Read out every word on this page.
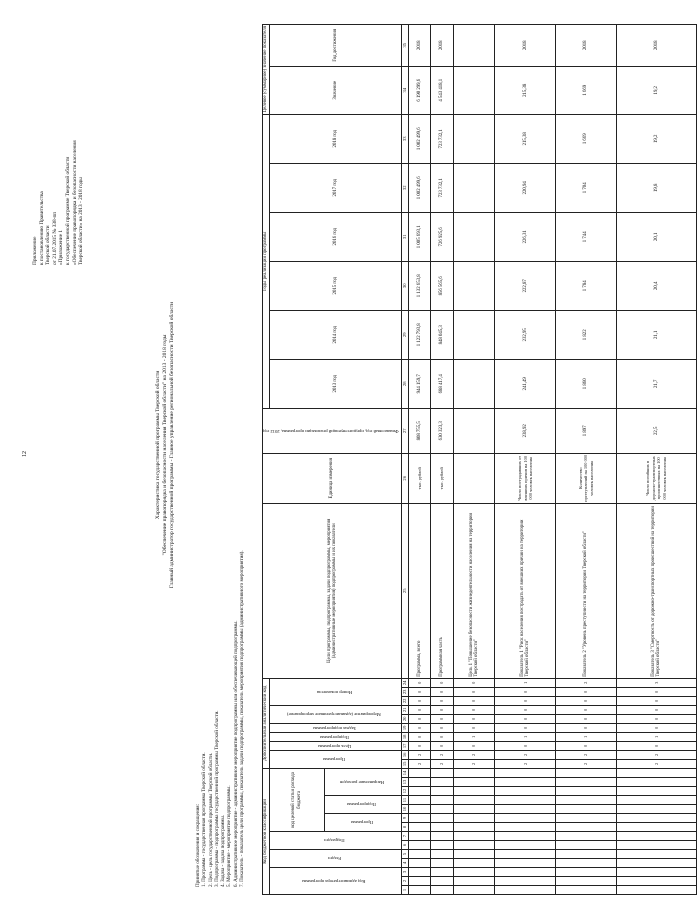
12
Приложение к постановлению Правительства Тверской области от 21.07.2015 № 338-пп «Приложение 1 к государственной программе Тверской области «Обеспечение правопорядка и безопасности населения Тверской области» на 2013 - 2018 годы
Характеристика государственной программы Тверской области "Обеспечение правопорядка и безопасности населения Тверской области" на 2013 - 2018 годы Главный администратор государственной программы - Главное управление региональной безопасности Тверской области
Принятые обозначения и сокращения: 1. Программа - государственная программа Тверской области. 2. Цель - цель государственной программы Тверской области. 3. Подпрограмма - подпрограмма государственной программы Тверской области. 4. Задача - задача подпрограммы. 5. Мероприятие - мероприятие подпрограммы. 6. Административное мероприятие - административное мероприятие подпрограммы или обеспечивающей подпрограммы. 7. Показатель - показатель цели программы, показатель задачи подпрограммы, показатель мероприятия подпрограммы (административного мероприятия).	Код бюджетной классификации														Дополнительный аналитический код										Цели программы, подпрограммы, задачи подпрограммы, мероприятия (административные мероприятия) подпрограммы и их показатели	Единица измерения	Финансовый год, предшествующий реализации программы, 2012 год	Годы реализации программы						Целевое (суммарное) значение показателя	
Код администратора программы			Раздел		Подраздел		код целевой статьи расхода бюджета							Программа		Цель программы	Подпрограмма	Задача подпрограммы	Мероприятие (административное мероприятие)		Номер показателя						2013 год	2014 год	2015 год	2016 год	2017 год	2018 год	Значение	Год достижения
							Программа		Подпрограмма		Направление расходов																							
1	2	3	4	5	6	7	8	9	10	11	12	13	14	15	16	17	18	19	20	21	22	23	24	25	26	27	28	29	30	31	32	33	34	35
														2	2	0	0	0	0	0	0	0	0	Программа, всего	тыс. рублей	808 755,5	944 159,7	1 122 793,8	1 132 653,8	1 005 693,1	1 002 499,6	1 002 499,6	6 190 299,6	2018
														2	2	0	0	0	0	0	0	0	0	Программная часть	тыс. рублей	630 323,3	688 417,4	848 045,3	856 565,6	726 925,6	723 732,1	723 732,1	4 543 418,1	2018
														2	2	0	1	0	0	0	0	0	0	Цель 1 "Повышение безопасности жизнедеятельности населения на территории Тверской области"										
														2	2	0	1	0	0	0	0	0	1	Показатель 1 "Риск населения пострадать от внешних причин на территории Тверской области"	Число пострадавших от внешних причин на 100 000 человек населения	238,92	241,49	232,95	222,87	226,31	220,94	215,38	215,38	2018
														2	2	0	1	0	0	0	0	0	2	Показатель 2 "Уровень преступности на территории Тверской области"	Количество преступлений на 100 000 человек населения	1 897	1 860	1 822	1 784	1 744	1 704	1 669	1 669	2018
														2	2	0	1	0	0	0	0	0	3	Показатель 3 "Смертность от дорожно-транспортных происшествий на территории Тверской области"	Число погибших в дорожно-транспортных происшествиях на 100 000 человек населения	22,5	21,7	21,1	20,4	20,1	19,8	19,2	19,2	2018
